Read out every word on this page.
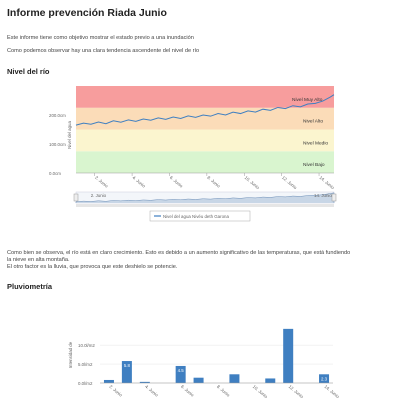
Informe prevención Riada Junio
Este informe tiene como objetivo mostrar el estado previo a una inundación
Como podemos observar hay una clara tendencia ascendente del nivel de río
Nivel del río
Nivel Bajo
Nivel Medio
Nivel Alto
Nivel Muy Alto
0.0cm
100.0cm
200.0cm
Nivel del agua
2. Junio	4. Junio	6. Junio	8. Junio	10. Junio	12. Junio	14. Junio
2. Junio	14. Junio
Nivel del agua Nivéu deth Garona
Como bien se observa, el río está en claro crecimiento. Esto es debido a un aumento significativo de las temperaturas, que está fundiendo
la nieve en alta montaña.
El otro factor es la lluvia, que provoca que este deshielo se potencie.
Pluviometría
0.0l/m2
5.0l/m2
10.0l/m2
Intensidad de	5.8
4.5
2.3
2. Junio	4. Junio	6. Junio	8. Junio	10. Junio	12. Junio	14. Junio
